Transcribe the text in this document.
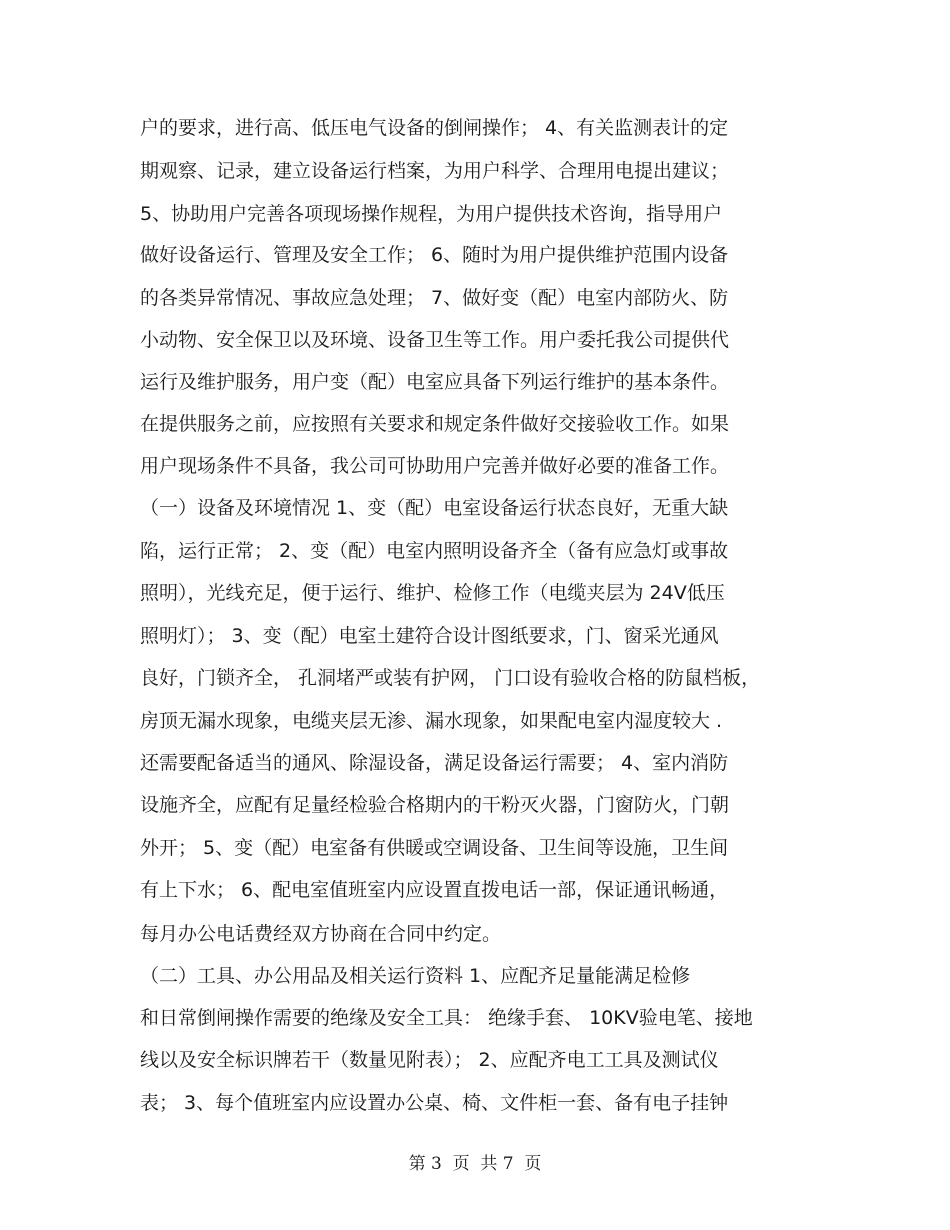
户的要求，进行高、低压电气设备的倒闸操作； 4、有关监测表计的定
期观察、记录，建立设备运行档案，为用户科学、合理用电提出建议；
5、协助用户完善各项现场操作规程，为用户提供技术咨询，指导用户
做好设备运行、管理及安全工作； 6、随时为用户提供维护范围内设备
的各类异常情况、事故应急处理； 7、做好变（配）电室内部防火、防
小动物、安全保卫以及环境、设备卫生等工作。用户委托我公司提供代
运行及维护服务，用户变（配）电室应具备下列运行维护的基本条件。
在提供服务之前，应按照有关要求和规定条件做好交接验收工作。如果
用户现场条件不具备，我公司可协助用户完善并做好必要的准备工作。
（一）设备及环境情况 1、变（配）电室设备运行状态良好，无重大缺
陷，运行正常； 2、变（配）电室内照明设备齐全（备有应急灯或事故
照明），光线充足，便于运行、维护、检修工作（电缆夹层为 24V低压
照明灯）； 3、变（配）电室土建符合设计图纸要求，门、窗采光通风
良好，门锁齐全， 孔洞堵严或装有护网， 门口设有验收合格的防鼠档板，
房顶无漏水现象，电缆夹层无渗、漏水现象，如果配电室内湿度较大 .
还需要配备适当的通风、除湿设备，满足设备运行需要； 4、室内消防
设施齐全，应配有足量经检验合格期内的干粉灭火器，门窗防火，门朝
外开； 5、变（配）电室备有供暖或空调设备、卫生间等设施，卫生间
有上下水； 6、配电室值班室内应设置直拨电话一部，保证通讯畅通，
每月办公电话费经双方协商在合同中约定。
（二）工具、办公用品及相关运行资料 1、应配齐足量能满足检修
和日常倒闸操作需要的绝缘及安全工具： 绝缘手套、 10KV验电笔、接地
线以及安全标识牌若干（数量见附表）； 2、应配齐电工工具及测试仪
表； 3、每个值班室内应设置办公桌、椅、文件柜一套、备有电子挂钟
第 3  页  共 7  页
